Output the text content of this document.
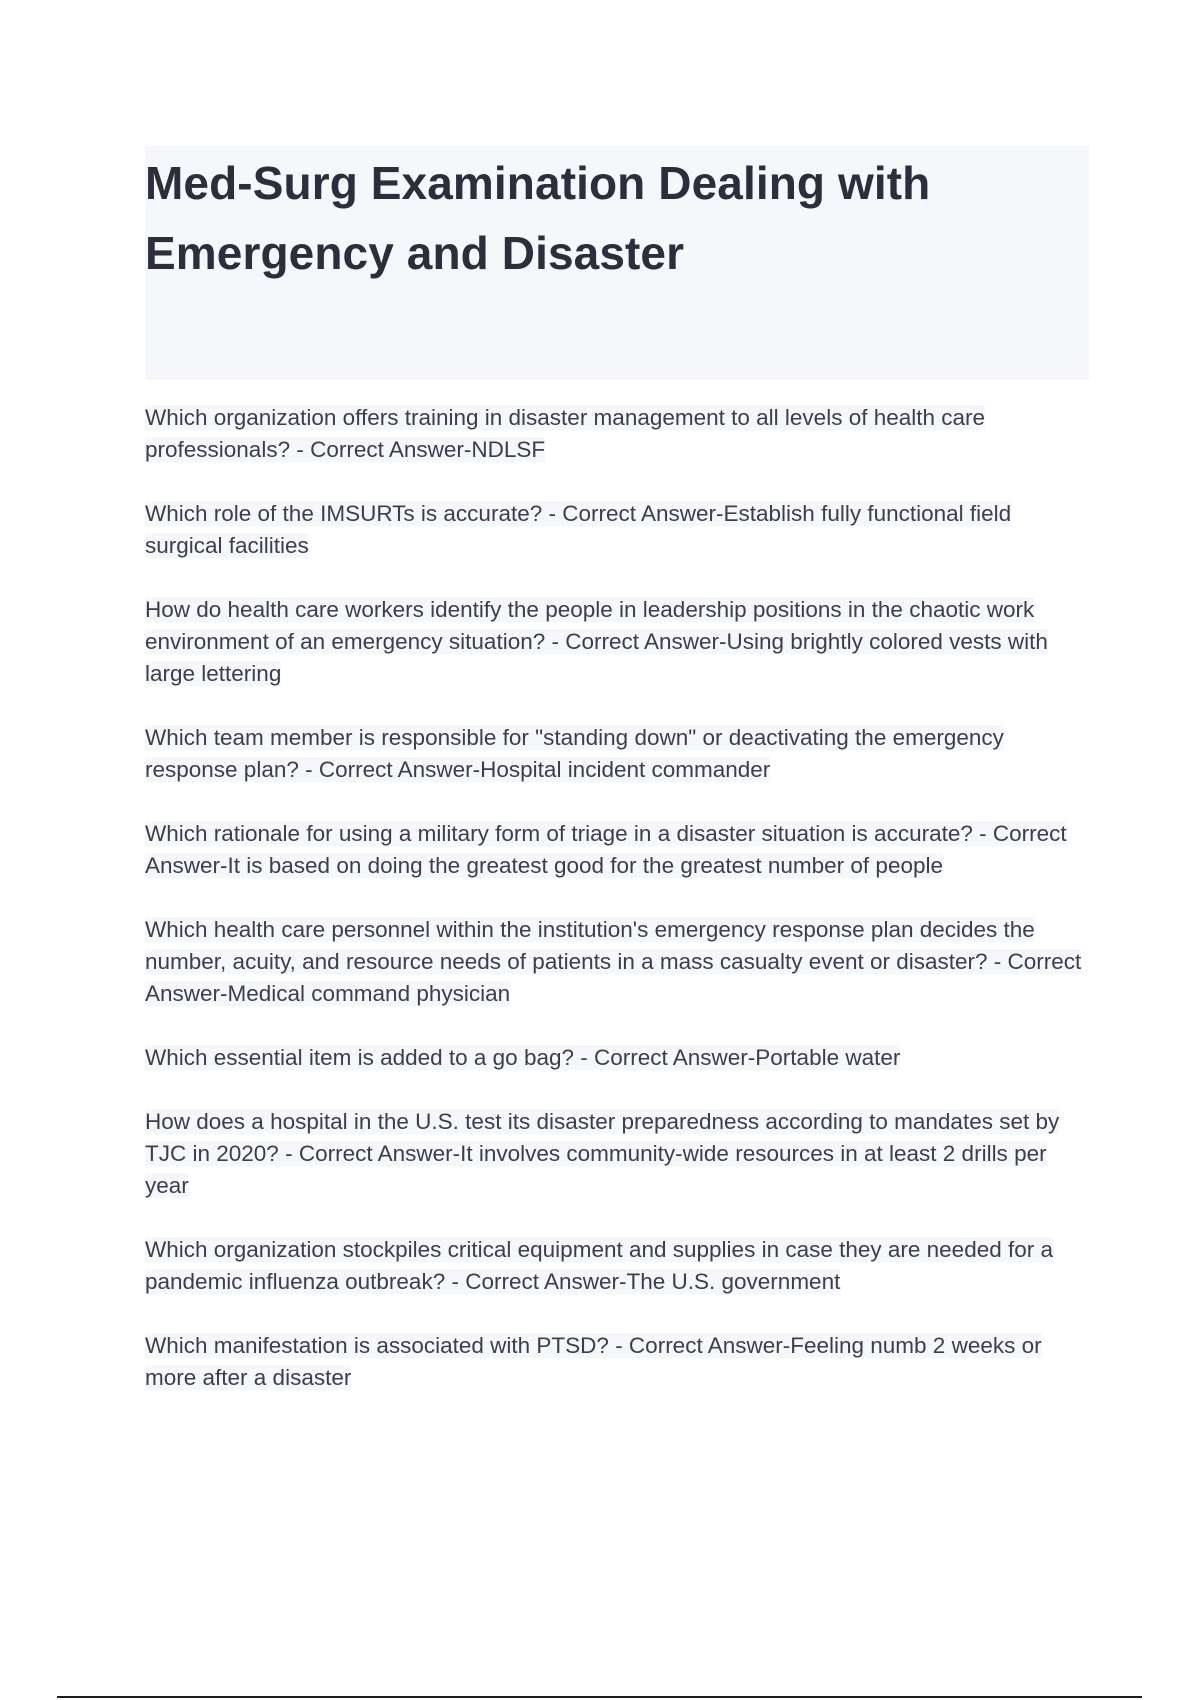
Med-Surg Examination Dealing with Emergency and Disaster
Which organization offers training in disaster management to all levels of health care professionals? - Correct Answer-NDLSF
Which role of the IMSURTs is accurate? - Correct Answer-Establish fully functional field surgical facilities
How do health care workers identify the people in leadership positions in the chaotic work environment of an emergency situation? - Correct Answer-Using brightly colored vests with large lettering
Which team member is responsible for "standing down" or deactivating the emergency response plan? - Correct Answer-Hospital incident commander
Which rationale for using a military form of triage in a disaster situation is accurate? - Correct Answer-It is based on doing the greatest good for the greatest number of people
Which health care personnel within the institution's emergency response plan decides the number, acuity, and resource needs of patients in a mass casualty event or disaster? - Correct Answer-Medical command physician
Which essential item is added to a go bag? - Correct Answer-Portable water
How does a hospital in the U.S. test its disaster preparedness according to mandates set by TJC in 2020? - Correct Answer-It involves community-wide resources in at least 2 drills per year
Which organization stockpiles critical equipment and supplies in case they are needed for a pandemic influenza outbreak? - Correct Answer-The U.S. government
Which manifestation is associated with PTSD? - Correct Answer-Feeling numb 2 weeks or more after a disaster
